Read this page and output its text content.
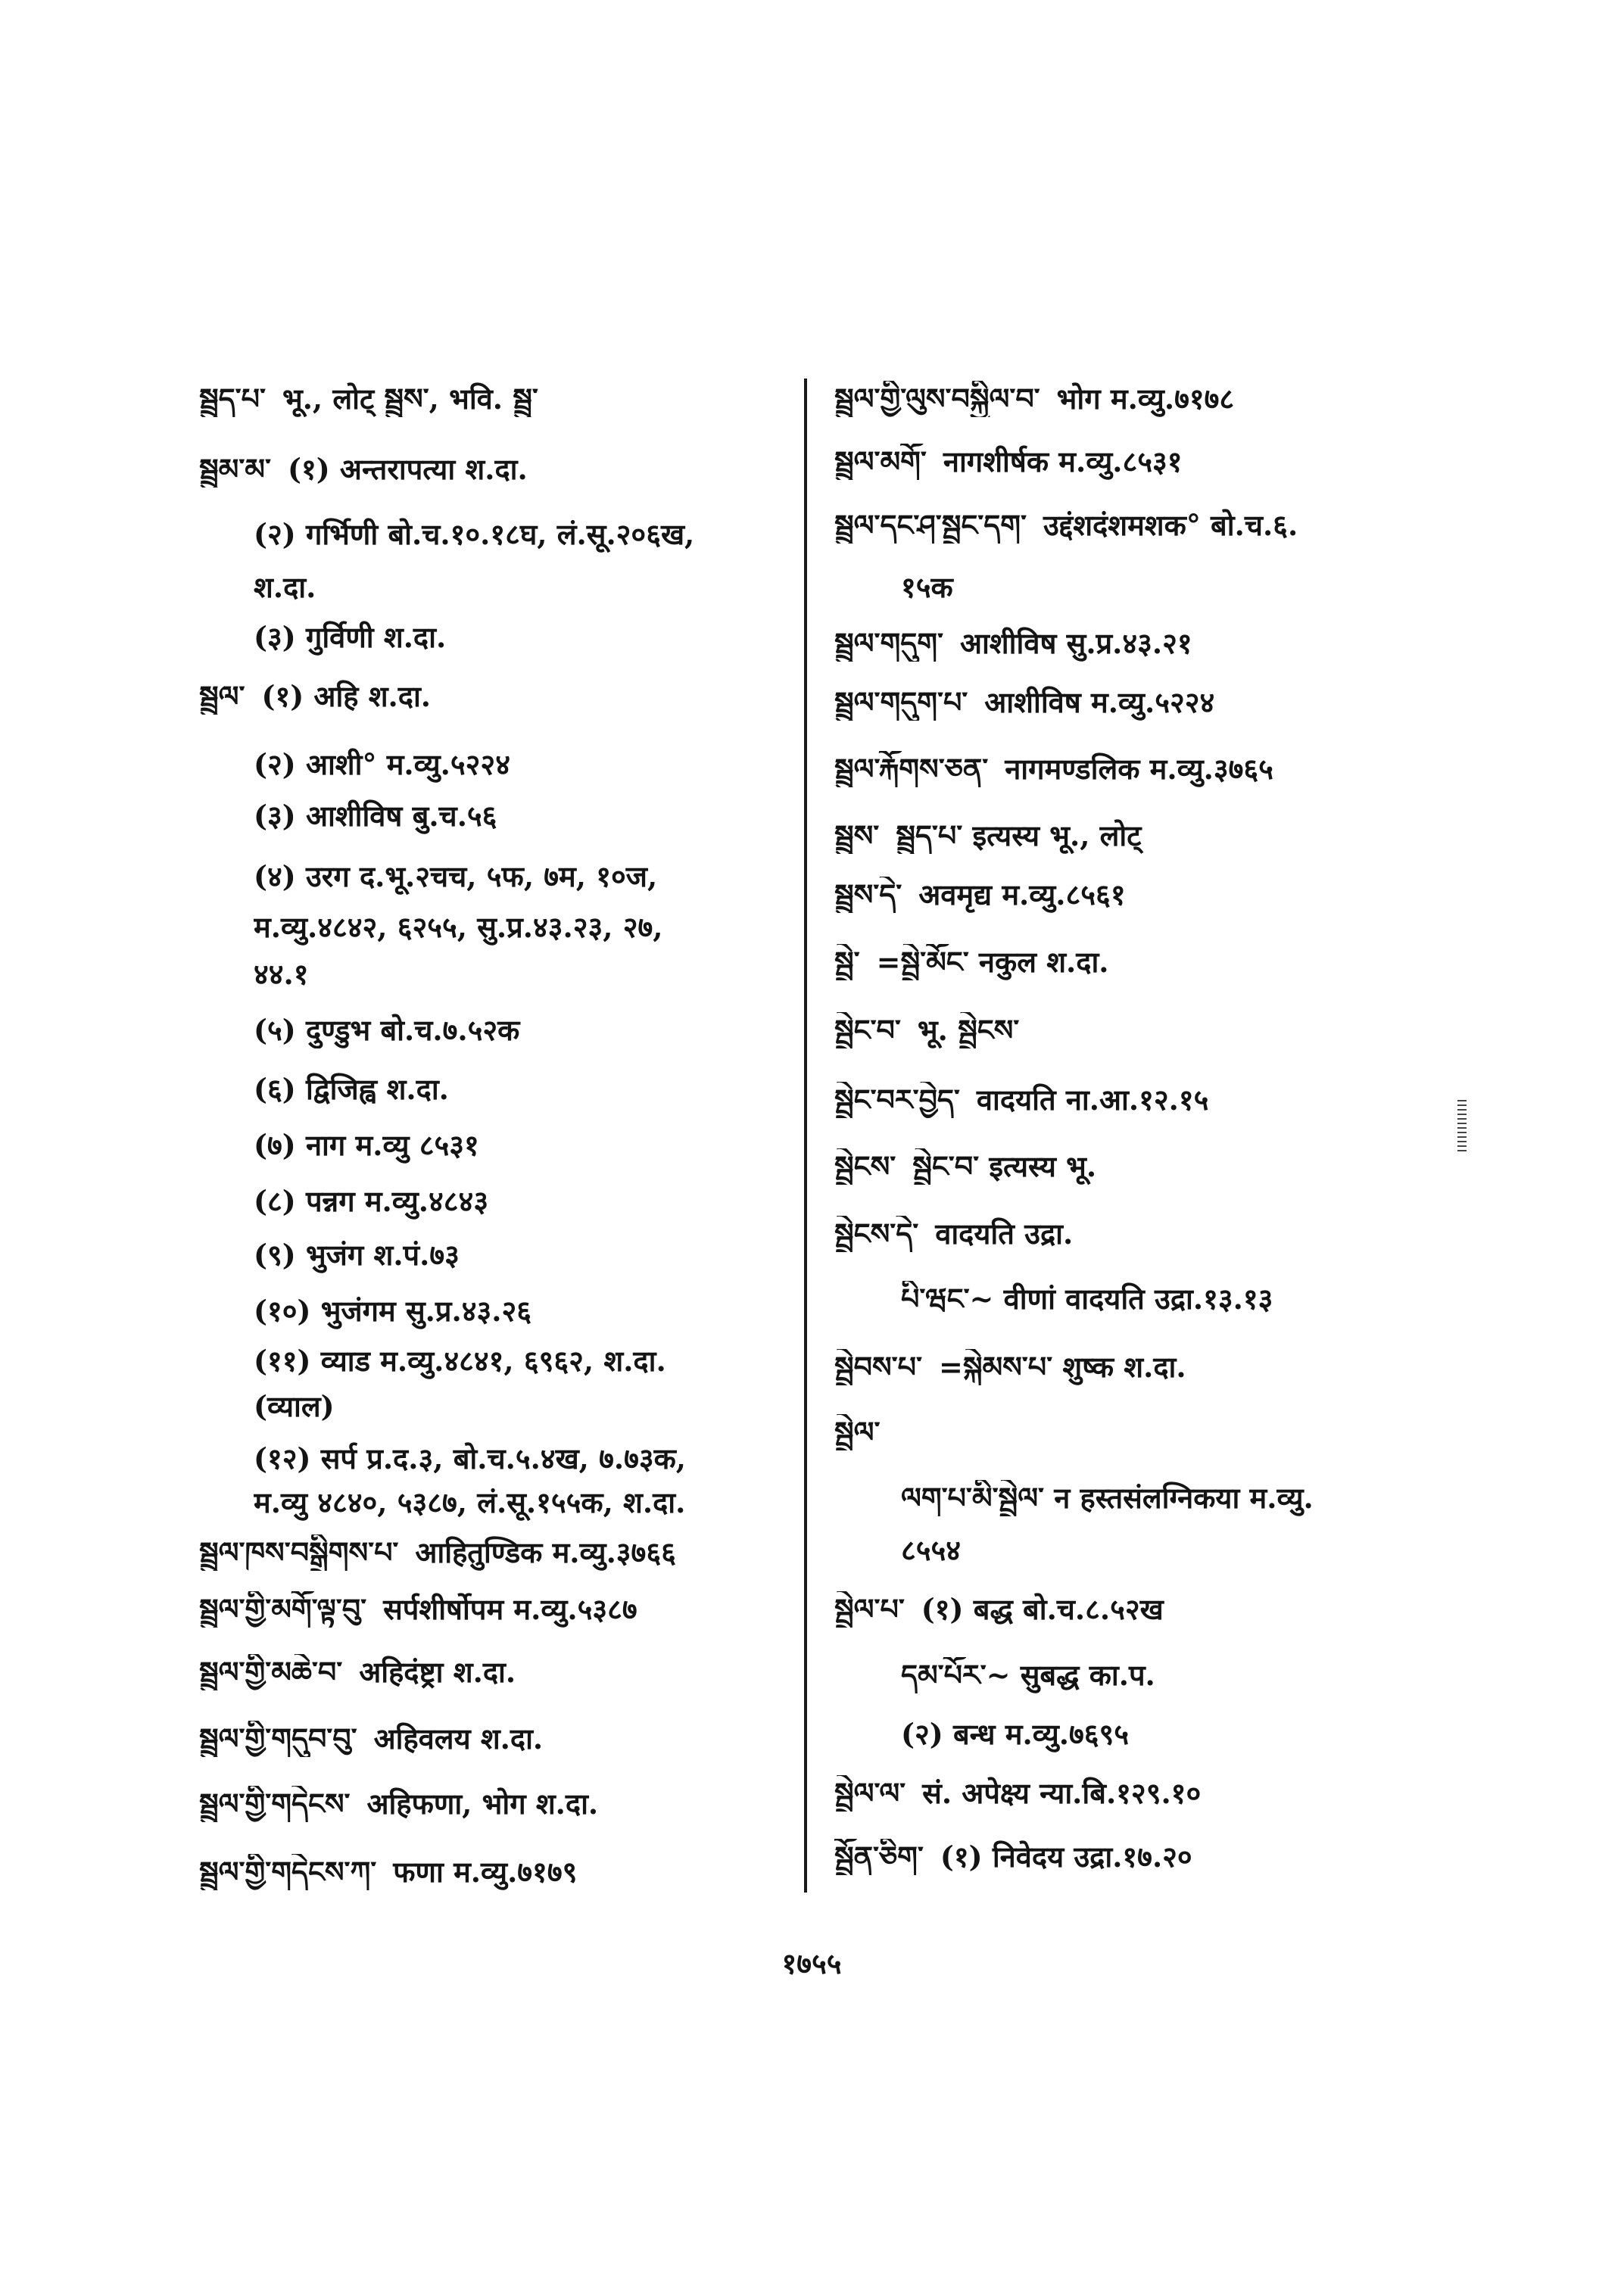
སྦྲུད་པ་ भू., लोट् སྦྲུས་, भवि. སྦྲུ་
སྦྲུམ་མ་ (१) अन्तरापत्या श.दा.
(२) गर्भिणी बो.च.१०.१८घ, लं.सू.२०६ख,
श.दा.
(३) गुर्विणी श.दा.
སྦྲུལ་ (१) अहि श.दा.
(२) आशी° म.व्यु.५२२४
(३) आशीविष बु.च.५६
(४) उरग द.भू.२चच, ५फ, ७म, १०ज,
म.व्यु.४८४२, ६२५५, सु.प्र.४३.२३, २७,
४४.१
(५) दुण्डुभ बो.च.७.५२क
(६) द्विजिह्व श.दा.
(७) नाग म.व्यु ८५३१
(८) पन्नग म.व्यु.४८४३
(९) भुजंग श.पं.७३
(१०) भुजंगम सु.प्र.४३.२६
(११) व्याड म.व्यु.४८४१, ६९६२, श.दा.
(व्याल)
(१२) सर्प प्र.द.३, बो.च.५.४ख, ७.७३क,
म.व्यु ४८४०, ५३८७, लं.सू.१५५क, श.दा.
སྦྲུལ་ཁས་བསྒྲིགས་པ་ आहितुण्डिक म.व्यु.३७६६
སྦྲུལ་གྱི་མགོ་ལྟ་བུ་ सर्पशीर्षोपम म.व्यु.५३८७
སྦྲུལ་གྱི་མཆེ་བ་ अहिदंष्ट्रा श.दा.
སྦྲུལ་གྱི་གདུབ་བུ་ अहिवलय श.दा.
སྦྲུལ་གྱི་གདེངས་ अहिफणा, भोग श.दा.
སྦྲུལ་གྱི་གདེངས་ཀ་ फणा म.व्यु.७१७९
སྦྲུལ་གྱི་ལུས་བསྐྱིལ་བ་ भोग म.व्यु.७१७८
སྦྲུལ་མགོ་ नागशीर्षक म.व्यु.८५३१
སྦྲུལ་དང་ཤ་སྦྲང་དག་ उद्दंशदंशमशक° बो.च.६.
१५क
སྦྲུལ་གདུག་ आशीविष सु.प्र.४३.२१
སྦྲུལ་གདུག་པ་ आशीविष म.व्यु.५२२४
སྦྲུལ་རྐོགས་ཅན་ नागमण्डलिक म.व्यु.३७६५
སྦྲུས་ སྦྲུད་པ་ इत्यस्य भू., लोट्
སྦྲུས་དེ་ अवमृद्य म.व्यु.८५६१
སྦྲེ་ =སྦྲེ་མོང་ नकुल श.दा.
སྦྲེང་བ་ भू. སྦྲེངས་
སྦྲེང་བར་བྱེད་ वादयति ना.आ.१२.१५
སྦྲེངས་ སྦྲེང་བ་ इत्यस्य भू.
སྦྲེངས་དེ་ वादयति उद्रा.
པི་ཝང་~ वीणां वादयति उद्रा.१३.१३
སྦྲེབས་པ་ =སྐེམས་པ་ शुष्क श.दा.
སྦྲེལ་
ལག་པ་མི་སྦྲེལ་ न हस्तसंलग्निकया म.व्यु.
८५५४
སྦྲེལ་པ་ (१) बद्ध बो.च.८.५२ख
དམ་པོར་~ सुबद्ध का.प.
(२) बन्ध म.व्यु.७६९५
སྦྲེལ་ལ་ सं. अपेक्ष्य न्या.बि.१२९.१०
སྦྲོན་ཅིག་ (१) निवेदय उद्रा.१७.२०
१७५५
